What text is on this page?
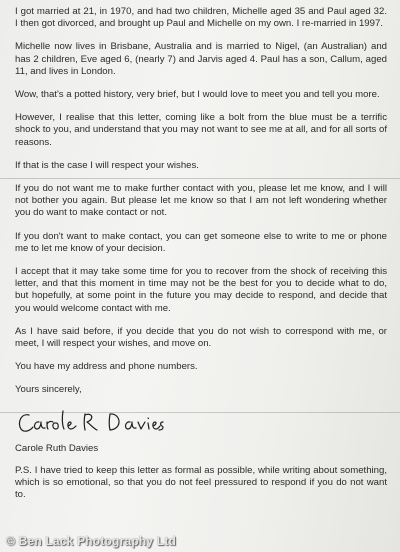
I got married at 21, in 1970, and had two children, Michelle aged 35 and Paul aged 32. I then got divorced, and brought up Paul and Michelle on my own. I re-married in 1997.

Michelle now lives in Brisbane, Australia and is married to Nigel, (an Australian) and has 2 children, Eve aged 6, (nearly 7) and Jarvis aged 4. Paul has a son, Callum, aged 11, and lives in London.

Wow, that's a potted history, very brief, but I would love to meet you and tell you more.

However, I realise that this letter, coming like a bolt from the blue must be a terrific shock to you, and understand that you may not want to see me at all, and for all sorts of reasons.

If that is the case I will respect your wishes.

If you do not want me to make further contact with you, please let me know, and I will not bother you again. But please let me know so that I am not left wondering whether you do want to make contact or not.

If you don't want to make contact, you can get someone else to write to me or phone me to let me know of your decision.

I accept that it may take some time for you to recover from the shock of receiving this letter, and that this moment in time may not be the best for you to decide what to do, but hopefully, at some point in the future you may decide to respond, and decide that you would welcome contact with me.

As I have said before, if you decide that you do not wish to correspond with me, or meet, I will respect your wishes, and move on.

You have my address and phone numbers.

Yours sincerely,

Carole Ruth Davies

P.S. I have tried to keep this letter as formal as possible, while writing about something, which is so emotional, so that you do not feel pressured to respond if you do not want to.

© Ben Lack Photography Ltd
